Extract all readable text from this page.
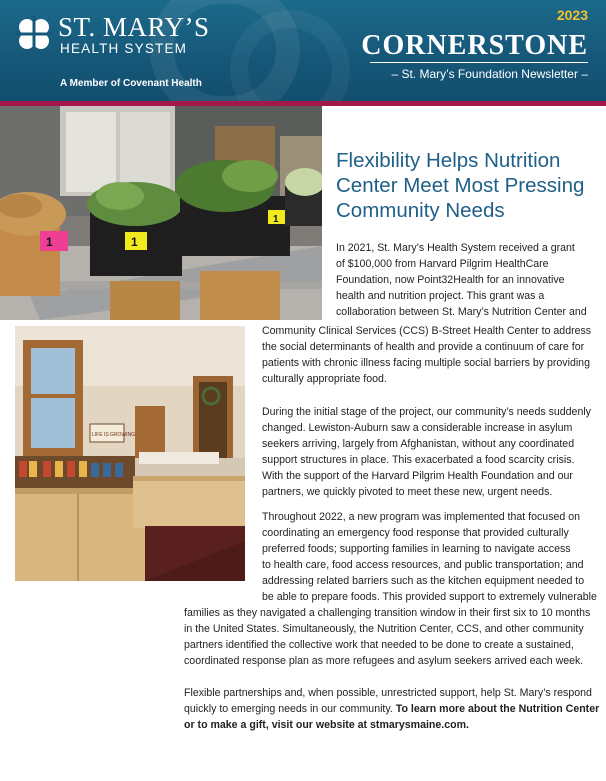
ST. MARY’S
HEALTH SYSTEM
A Member of Covenant Health
2023
CORNERSTONE
– St. Mary’s Foundation Newsletter –
1	1
1
LIFE IS GROWING
Flexibility Helps Nutrition
Center Meet Most Pressing
Community Needs
In 2021, St. Mary’s Health System received a grant
of $100,000 from Harvard Pilgrim HealthCare
Foundation, now Point32Health for an innovative
health and nutrition project. This grant was a
collaboration between St. Mary’s Nutrition Center and
Community Clinical Services (CCS) B-Street Health Center to address
the social determinants of health and provide a continuum of care for
patients with chronic illness facing multiple social barriers by providing
culturally appropriate food.
During the initial stage of the project, our community’s needs suddenly
changed. Lewiston-Auburn saw a considerable increase in asylum
seekers arriving, largely from Afghanistan, without any coordinated
support structures in place. This exacerbated a food scarcity crisis.
With the support of the Harvard Pilgrim Health Foundation and our
partners, we quickly pivoted to meet these new, urgent needs.
Throughout 2022, a new program was implemented that focused on
coordinating an emergency food response that provided culturally
preferred foods; supporting families in learning to navigate access
to health care, food access resources, and public transportation; and
addressing related barriers such as the kitchen equipment needed to
be able to prepare foods. This provided support to extremely vulnerable
families as they navigated a challenging transition window in their first six to 10 months
in the United States. Simultaneously, the Nutrition Center, CCS, and other community
partners identified the collective work that needed to be done to create a sustained,
coordinated response plan as more refugees and asylum seekers arrived each week.
Flexible partnerships and, when possible, unrestricted support, help St. Mary’s respond
quickly to emerging needs in our community. To learn more about the Nutrition Center
or to make a gift, visit our website at stmarysmaine.com.
